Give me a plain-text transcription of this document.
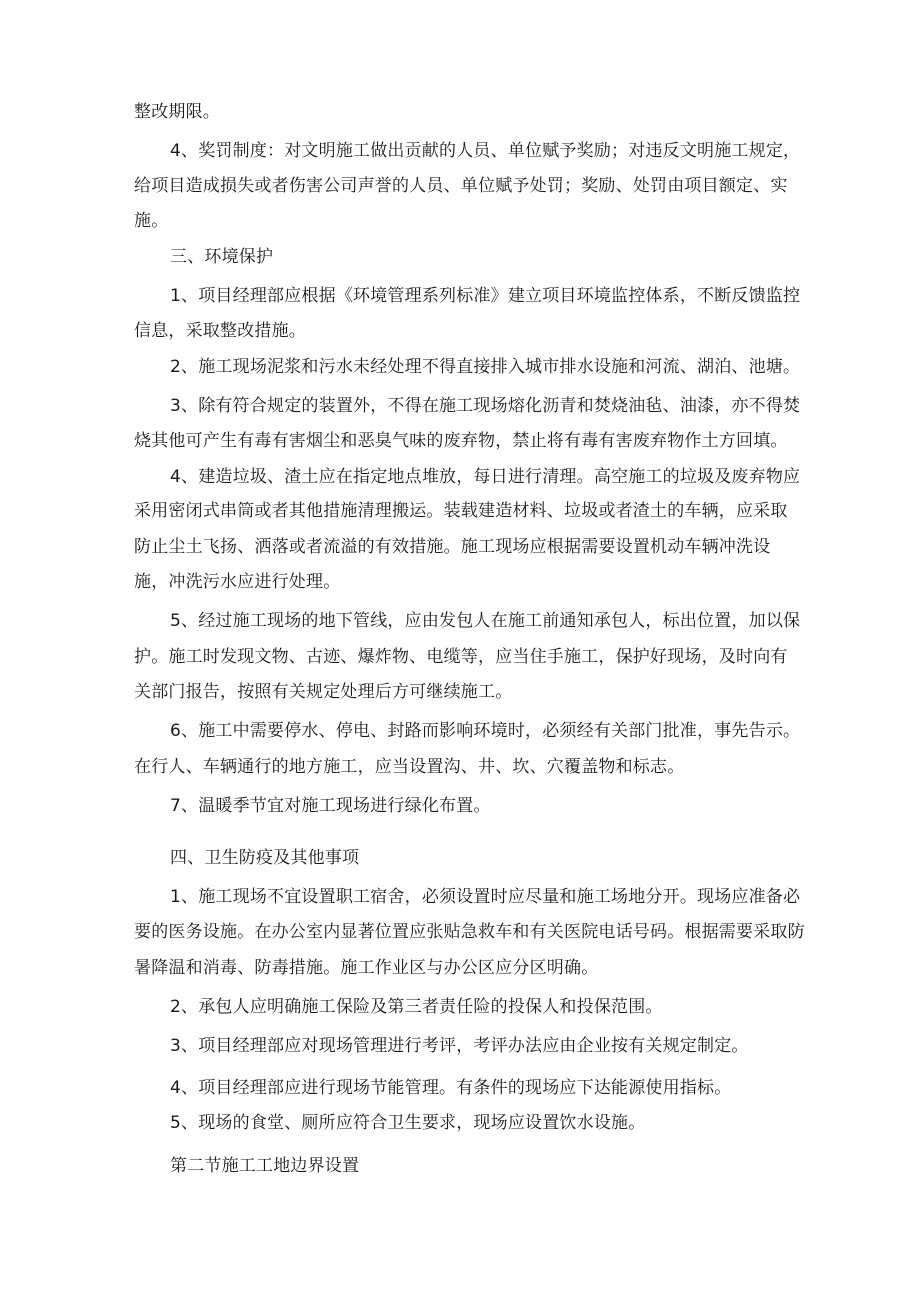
整改期限。
4、奖罚制度：对文明施工做出贡献的人员、单位赋予奖励；对违反文明施工规定，
给项目造成损失或者伤害公司声誉的人员、单位赋予处罚；奖励、处罚由项目额定、实
施。
三、环境保护
1、项目经理部应根据《环境管理系列标准》建立项目环境监控体系，不断反馈监控
信息，采取整改措施。
2、施工现场泥浆和污水未经处理不得直接排入城市排水设施和河流、湖泊、池塘。
3、除有符合规定的装置外，不得在施工现场熔化沥青和焚烧油毡、油漆，亦不得焚
烧其他可产生有毒有害烟尘和恶臭气味的废弃物，禁止将有毒有害废弃物作土方回填。
4、建造垃圾、渣土应在指定地点堆放，每日进行清理。高空施工的垃圾及废弃物应
采用密闭式串筒或者其他措施清理搬运。装载建造材料、垃圾或者渣土的车辆，应采取
防止尘土飞扬、洒落或者流溢的有效措施。施工现场应根据需要设置机动车辆冲洗设
施，冲洗污水应进行处理。
5、经过施工现场的地下管线，应由发包人在施工前通知承包人，标出位置，加以保
护。施工时发现文物、古迹、爆炸物、电缆等，应当住手施工，保护好现场，及时向有
关部门报告，按照有关规定处理后方可继续施工。
6、施工中需要停水、停电、封路而影响环境时，必须经有关部门批准，事先告示。
在行人、车辆通行的地方施工，应当设置沟、井、坎、穴覆盖物和标志。
7、温暖季节宜对施工现场进行绿化布置。
四、卫生防疫及其他事项
1、施工现场不宜设置职工宿舍，必须设置时应尽量和施工场地分开。现场应准备必
要的医务设施。在办公室内显著位置应张贴急救车和有关医院电话号码。根据需要采取防
暑降温和消毒、防毒措施。施工作业区与办公区应分区明确。
2、承包人应明确施工保险及第三者责任险的投保人和投保范围。
3、项目经理部应对现场管理进行考评，考评办法应由企业按有关规定制定。
4、项目经理部应进行现场节能管理。有条件的现场应下达能源使用指标。
5、现场的食堂、厕所应符合卫生要求，现场应设置饮水设施。
第二节施工工地边界设置
